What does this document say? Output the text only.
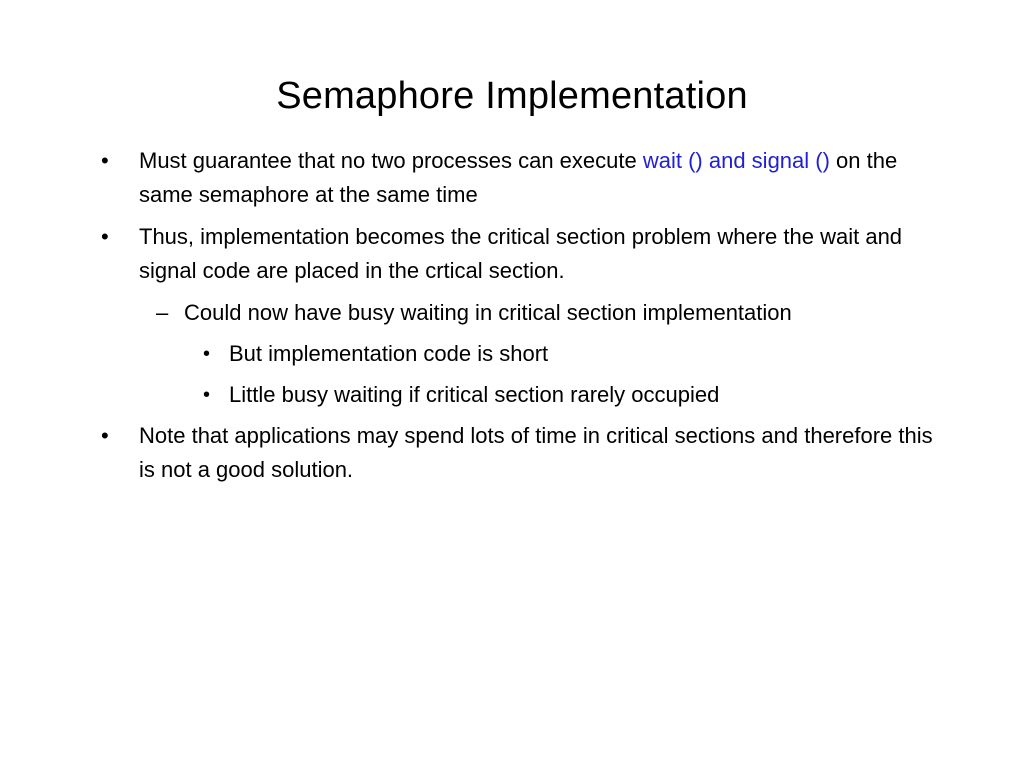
Semaphore Implementation
• Must guarantee that no two processes can execute wait () and signal () on the same semaphore at the same time
• Thus, implementation becomes the critical section problem where the wait and signal code are placed in the crtical section.
– Could now have busy waiting in critical section implementation
• But implementation code is short
• Little busy waiting if critical section rarely occupied
• Note that applications may spend lots of time in critical sections and therefore this is not a good solution.
